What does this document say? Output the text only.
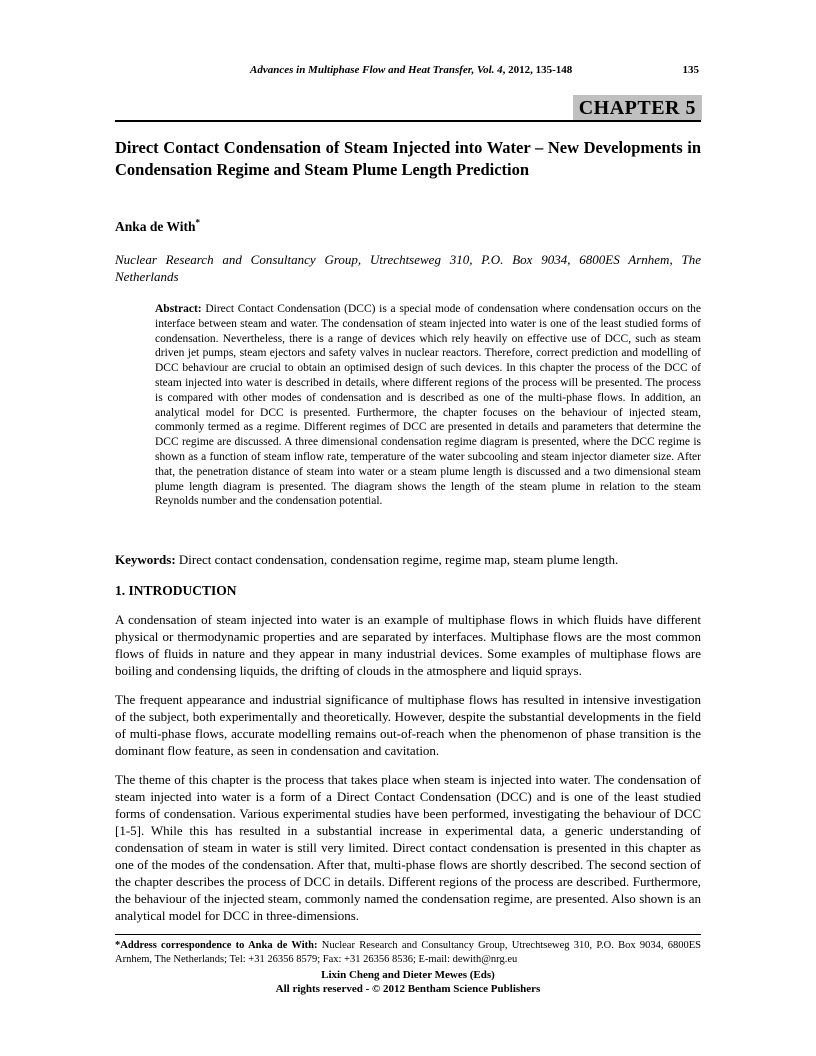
Advances in Multiphase Flow and Heat Transfer, Vol. 4, 2012, 135-148	135
CHAPTER 5
Direct Contact Condensation of Steam Injected into Water – New Developments in Condensation Regime and Steam Plume Length Prediction
Anka de With*
Nuclear Research and Consultancy Group, Utrechtseweg 310, P.O. Box 9034, 6800ES Arnhem, The Netherlands
Abstract: Direct Contact Condensation (DCC) is a special mode of condensation where condensation occurs on the interface between steam and water. The condensation of steam injected into water is one of the least studied forms of condensation. Nevertheless, there is a range of devices which rely heavily on effective use of DCC, such as steam driven jet pumps, steam ejectors and safety valves in nuclear reactors. Therefore, correct prediction and modelling of DCC behaviour are crucial to obtain an optimised design of such devices. In this chapter the process of the DCC of steam injected into water is described in details, where different regions of the process will be presented. The process is compared with other modes of condensation and is described as one of the multi-phase flows. In addition, an analytical model for DCC is presented. Furthermore, the chapter focuses on the behaviour of injected steam, commonly termed as a regime. Different regimes of DCC are presented in details and parameters that determine the DCC regime are discussed. A three dimensional condensation regime diagram is presented, where the DCC regime is shown as a function of steam inflow rate, temperature of the water subcooling and steam injector diameter size. After that, the penetration distance of steam into water or a steam plume length is discussed and a two dimensional steam plume length diagram is presented. The diagram shows the length of the steam plume in relation to the steam Reynolds number and the condensation potential.
Keywords: Direct contact condensation, condensation regime, regime map, steam plume length.
1. INTRODUCTION

A condensation of steam injected into water is an example of multiphase flows in which fluids have different physical or thermodynamic properties and are separated by interfaces. Multiphase flows are the most common flows of fluids in nature and they appear in many industrial devices. Some examples of multiphase flows are boiling and condensing liquids, the drifting of clouds in the atmosphere and liquid sprays.

The frequent appearance and industrial significance of multiphase flows has resulted in intensive investigation of the subject, both experimentally and theoretically. However, despite the substantial developments in the field of multi-phase flows, accurate modelling remains out-of-reach when the phenomenon of phase transition is the dominant flow feature, as seen in condensation and cavitation.

The theme of this chapter is the process that takes place when steam is injected into water. The condensation of steam injected into water is a form of a Direct Contact Condensation (DCC) and is one of the least studied forms of condensation. Various experimental studies have been performed, investigating the behaviour of DCC [1-5]. While this has resulted in a substantial increase in experimental data, a generic understanding of condensation of steam in water is still very limited. Direct contact condensation is presented in this chapter as one of the modes of the condensation. After that, multi-phase flows are shortly described. The second section of the chapter describes the process of DCC in details. Different regions of the process are described. Furthermore, the behaviour of the injected steam, commonly named the condensation regime, are presented. Also shown is an analytical model for DCC in three-dimensions.

*Address correspondence to Anka de With: Nuclear Research and Consultancy Group, Utrechtseweg 310, P.O. Box 9034, 6800ES Arnhem, The Netherlands; Tel: +31 26356 8579; Fax: +31 26356 8536; E-mail: dewith@nrg.eu
Lixin Cheng and Dieter Mewes (Eds)
All rights reserved - © 2012 Bentham Science Publishers
